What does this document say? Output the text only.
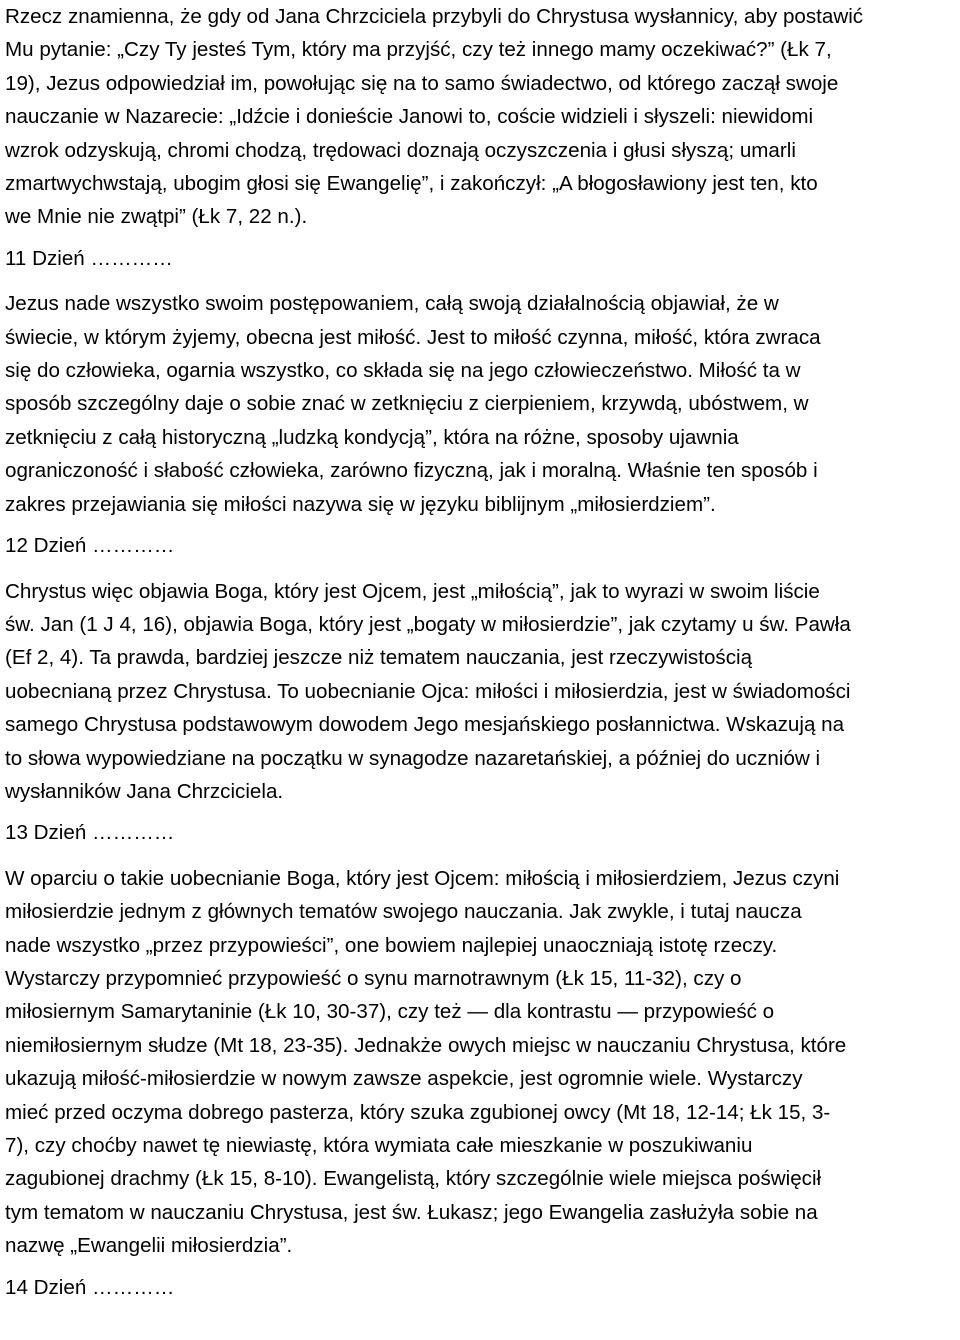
Rzecz znamienna, że gdy od Jana Chrzciciela przybyli do Chrystusa wysłannicy, aby postawić
Mu pytanie: „Czy Ty jesteś Tym, który ma przyjść, czy też innego mamy oczekiwać?” (Łk 7,
19), Jezus odpowiedział im, powołując się na to samo świadectwo, od którego zaczął swoje
nauczanie w Nazarecie: „Idźcie i donieście Janowi to, coście widzieli i słyszeli: niewidomi
wzrok odzyskują, chromi chodzą, trędowaci doznają oczyszczenia i głusi słyszą; umarli
zmartwychwstają, ubogim głosi się Ewangelię”, i zakończył: „A błogosławiony jest ten, kto
we Mnie nie zwątpi” (Łk 7, 22 n.).
11 Dzień …………
Jezus nade wszystko swoim postępowaniem, całą swoją działalnością objawiał, że w
świecie, w którym żyjemy, obecna jest miłość. Jest to miłość czynna, miłość, która zwraca
się do człowieka, ogarnia wszystko, co składa się na jego człowieczeństwo. Miłość ta w
sposób szczególny daje o sobie znać w zetknięciu z cierpieniem, krzywdą, ubóstwem, w
zetknięciu z całą historyczną „ludzką kondycją”, która na różne, sposoby ujawnia
ograniczoność i słabość człowieka, zarówno fizyczną, jak i moralną. Właśnie ten sposób i
zakres przejawiania się miłości nazywa się w języku biblijnym „miłosierdziem”.
12 Dzień …………
Chrystus więc objawia Boga, który jest Ojcem, jest „miłością”, jak to wyrazi w swoim liście
św. Jan (1 J 4, 16), objawia Boga, który jest „bogaty w miłosierdzie”, jak czytamy u św. Pawła
(Ef 2, 4). Ta prawda, bardziej jeszcze niż tematem nauczania, jest rzeczywistością
uobecnianą przez Chrystusa. To uobecnianie Ojca: miłości i miłosierdzia, jest w świadomości
samego Chrystusa podstawowym dowodem Jego mesjańskiego posłannictwa. Wskazują na
to słowa wypowiedziane na początku w synagodze nazaretańskiej, a później do uczniów i
wysłanników Jana Chrzciciela.
13 Dzień …………
W oparciu o takie uobecnianie Boga, który jest Ojcem: miłością i miłosierdziem, Jezus czyni
miłosierdzie jednym z głównych tematów swojego nauczania. Jak zwykle, i tutaj naucza
nade wszystko „przez przypowieści”, one bowiem najlepiej unaoczniają istotę rzeczy.
Wystarczy przypomnieć przypowieść o synu marnotrawnym (Łk 15, 11-32), czy o
miłosiernym Samarytaninie (Łk 10, 30-37), czy też — dla kontrastu — przypowieść o
niemiłosiernym słudze (Mt 18, 23-35). Jednakże owych miejsc w nauczaniu Chrystusa, które
ukazują miłość-miłosierdzie w nowym zawsze aspekcie, jest ogromnie wiele. Wystarczy
mieć przed oczyma dobrego pasterza, który szuka zgubionej owcy (Mt 18, 12-14; Łk 15, 3-
7), czy choćby nawet tę niewiastę, która wymiata całe mieszkanie w poszukiwaniu
zagubionej drachmy (Łk 15, 8-10). Ewangelistą, który szczególnie wiele miejsca poświęcił
tym tematom w nauczaniu Chrystusa, jest św. Łukasz; jego Ewangelia zasłużyła sobie na
nazwę „Ewangelii miłosierdzia”.
14 Dzień …………
